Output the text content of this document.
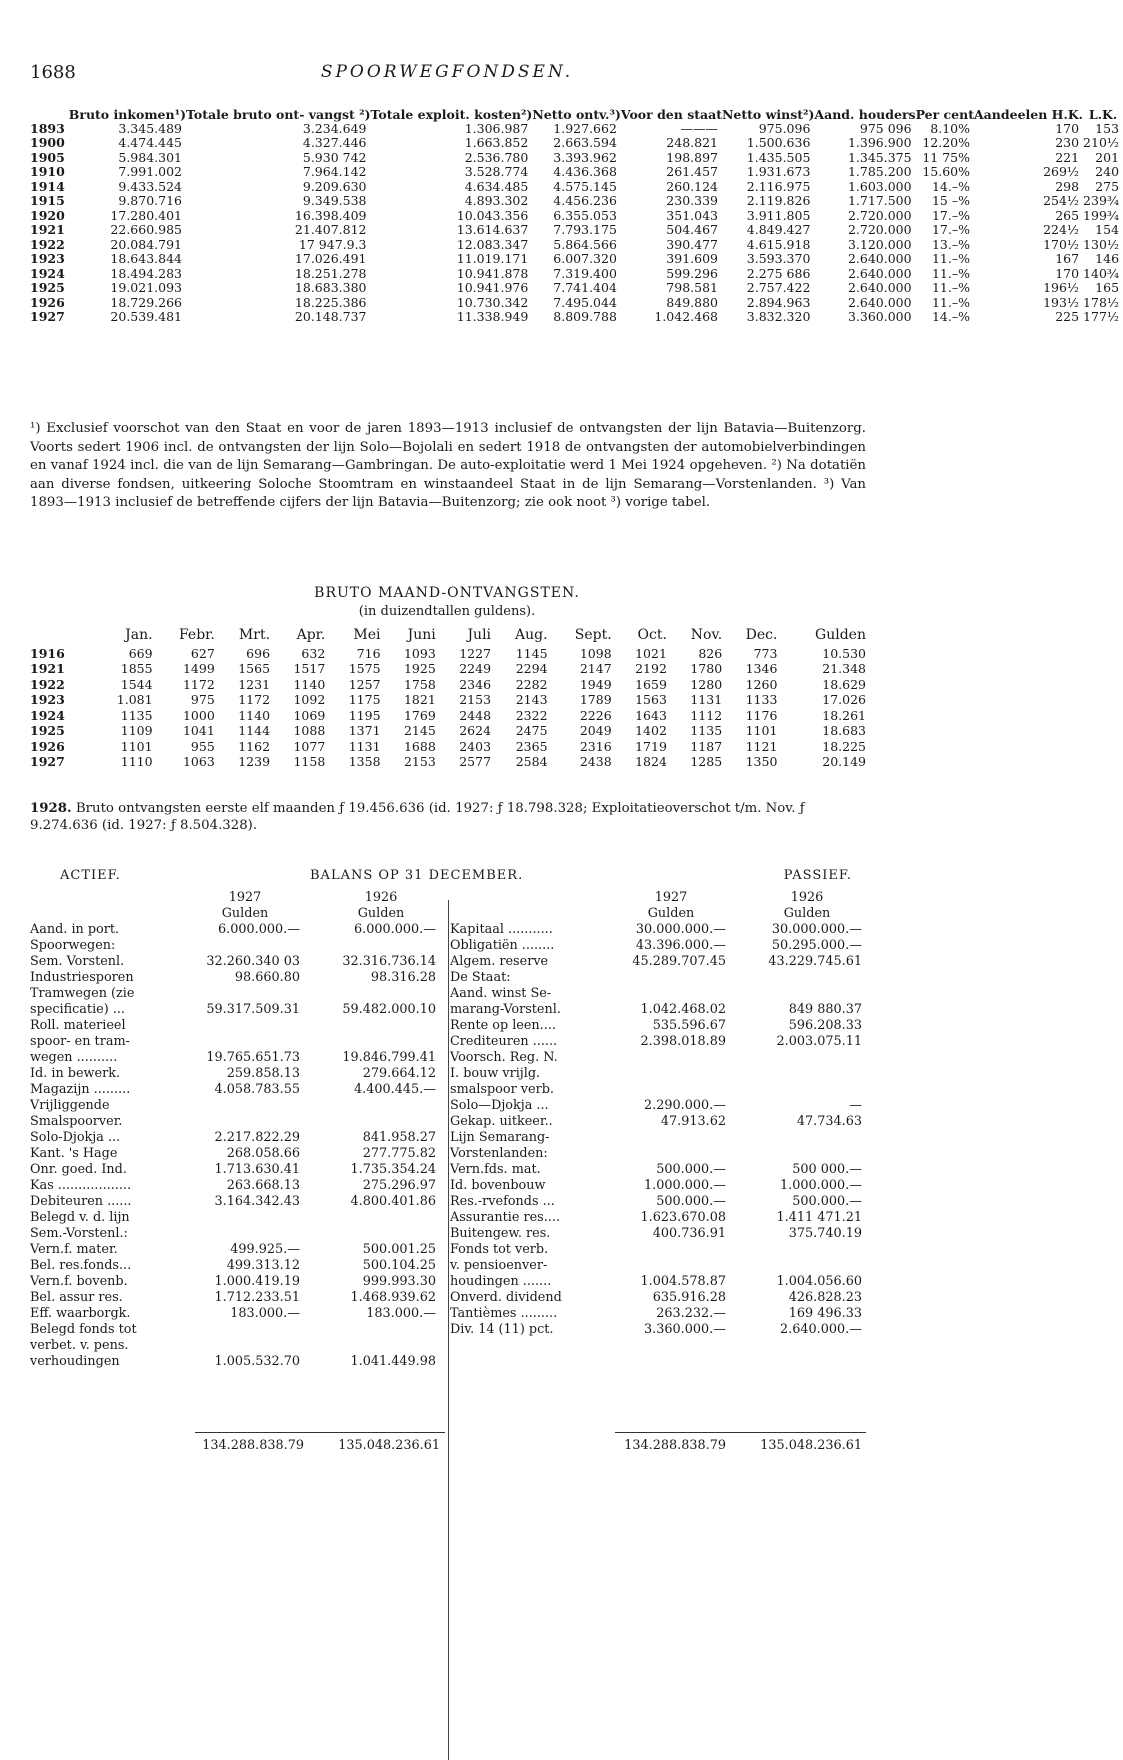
1688	SPOORWEGFONDSEN.
	Bruto inkomen¹)	Totale bruto ont- vangst ²)	Totale exploit. kosten²)	Netto ontv.³)	Voor den staat	Netto winst²)	Aand. houders	Per cent	Aandeelen H.K.	L.K.
1893	3.345.489	3.234.649	1.306.987	1.927.662	———	975.096	975 096	8.10%	170	153
1900	4.474.445	4.327.446	1.663.852	2.663.594	248.821	1.500.636	1.396.900	12.20%	230	210½
1905	5.984.301	5.930 742	2.536.780	3.393.962	198.897	1.435.505	1.345.375	11 75%	221	201
1910	7.991.002	7.964.142	3.528.774	4.436.368	261.457	1.931.673	1.785.200	15.60%	269½	240
1914	9.433.524	9.209.630	4.634.485	4.575.145	260.124	2.116.975	1.603.000	14.–%	298	275
1915	9.870.716	9.349.538	4.893.302	4.456.236	230.339	2.119.826	1.717.500	15 –%	254½	239¾
1920	17.280.401	16.398.409	10.043.356	6.355.053	351.043	3.911.805	2.720.000	17.–%	265	199¾
1921	22.660.985	21.407.812	13.614.637	7.793.175	504.467	4.849.427	2.720.000	17.–%	224½	154
1922	20.084.791	17 947.9.3	12.083.347	5.864.566	390.477	4.615.918	3.120.000	13.–%	170½	130½
1923	18.643.844	17.026.491	11.019.171	6.007.320	391.609	3.593.370	2.640.000	11.–%	167	146
1924	18.494.283	18.251.278	10.941.878	7.319.400	599.296	2.275 686	2.640.000	11.–%	170	140¾
1925	19.021.093	18.683.380	10.941.976	7.741.404	798.581	2.757.422	2.640.000	11.–%	196½	165
1926	18.729.266	18.225.386	10.730.342	7.495.044	849.880	2.894.963	2.640.000	11.–%	193½	178½
1927	20.539.481	20.148.737	11.338.949	8.809.788	1.042.468	3.832.320	3.360.000	14.–%	225	177½
¹) Exclusief voorschot van den Staat en voor de jaren 1893—1913 inclusief de ontvangsten der lijn Batavia—Buitenzorg. Voorts sedert 1906 incl. de ontvangsten der lijn Solo—Bojolali en sedert 1918 de ontvangsten der automobielverbindingen en vanaf 1924 incl. die van de lijn Semarang—Gambringan. De auto-exploitatie werd 1 Mei 1924 opgeheven. ²) Na dotatiën aan diverse fondsen, uitkeering Soloche Stoomtram en winstaandeel Staat in de lijn Semarang—Vorstenlanden. ³) Van 1893—1913 inclusief de betreffende cijfers der lijn Batavia—Buitenzorg; zie ook noot ³) vorige tabel.
BRUTO MAAND-ONTVANGSTEN.
(in duizendtallen guldens).
	Jan.	Febr.	Mrt.	Apr.	Mei	Juni	Juli	Aug.	Sept.	Oct.	Nov.	Dec.	Gulden
1916	669	627	696	632	716	1093	1227	1145	1098	1021	826	773	10.530
1921	1855	1499	1565	1517	1575	1925	2249	2294	2147	2192	1780	1346	21.348
1922	1544	1172	1231	1140	1257	1758	2346	2282	1949	1659	1280	1260	18.629
1923	1.081	975	1172	1092	1175	1821	2153	2143	1789	1563	1131	1133	17.026
1924	1135	1000	1140	1069	1195	1769	2448	2322	2226	1643	1112	1176	18.261
1925	1109	1041	1144	1088	1371	2145	2624	2475	2049	1402	1135	1101	18.683
1926	1101	955	1162	1077	1131	1688	2403	2365	2316	1719	1187	1121	18.225
1927	1110	1063	1239	1158	1358	2153	2577	2584	2438	1824	1285	1350	20.149
1928. Bruto ontvangsten eerste elf maanden ƒ 19.456.636 (id. 1927: ƒ 18.798.328; Exploitatieoverschot t/m. Nov. ƒ 9.274.636 (id. 1927: ƒ 8.504.328).
ACTIEF.	BALANS OP 31 DECEMBER.	PASSIEF.
1927	1926
Gulden	Gulden
Aand. in port.	6.000.000.—	6.000.000.—
Spoorwegen:
Sem. Vorstenl.	32.260.340 03	32.316.736.14
Industriesporen	98.660.80	98.316.28
Tramwegen (zie
specificatie) ...	59.317.509.31	59.482.000.10
Roll. materieel
spoor- en tram-
wegen ..........	19.765.651.73	19.846.799.41
Id. in bewerk.	259.858.13	279.664.12
Magazijn .........	4.058.783.55	4.400.445.—
Vrijliggende
Smalspoorver.
Solo-Djokja ...	2.217.822.29	841.958.27
Kant. 's Hage	268.058.66	277.775.82
Onr. goed. Ind.	1.713.630.41	1.735.354.24
Kas ..................	263.668.13	275.296.97
Debiteuren ......	3.164.342.43	4.800.401.86
Belegd v. d. lijn
Sem.-Vorstenl.:
Vern.f. mater.	499.925.—	500.001.25
Bel. res.fonds...	499.313.12	500.104.25
Vern.f. bovenb.	1.000.419.19	999.993.30
Bel. assur res.	1.712.233.51	1.468.939.62
Eff. waarborgk.	183.000.—	183.000.—
Belegd fonds tot
verbet. v. pens.
verhoudingen	1.005.532.70	1.041.449.98
1927	1926
Gulden	Gulden
Kapitaal ...........	30.000.000.—	30.000.000.—
Obligatiën ........	43.396.000.—	50.295.000.—
Algem. reserve	45.289.707.45	43.229.745.61
De Staat:
Aand. winst Se-
marang-Vorstenl.	1.042.468.02	849 880.37
Rente op leen....	535.596.67	596.208.33
Crediteuren ......	2.398.018.89	2.003.075.11
Voorsch. Reg. N.
I. bouw vrijlg.
smalspoor verb.
Solo—Djokja ...	2.290.000.—	—
Gekap. uitkeer..	47.913.62	47.734.63
Lijn Semarang-
Vorstenlanden:
Vern.fds. mat.	500.000.—	500 000.—
Id. bovenbouw	1.000.000.—	1.000.000.—
Res.-rvefonds ...	500.000.—	500.000.—
Assurantie res....	1.623.670.08	1.411 471.21
Buitengew. res.	400.736.91	375.740.19
Fonds tot verb.
v. pensioenver-
houdingen .......	1.004.578.87	1.004.056.60
Onverd. dividend	635.916.28	426.828.23
Tantièmes .........	263.232.—	169 496.33
Div. 14 (11) pct.	3.360.000.—	2.640.000.—
134.288.838.79	135.048.236.61	134.288.838.79	135.048.236.61
